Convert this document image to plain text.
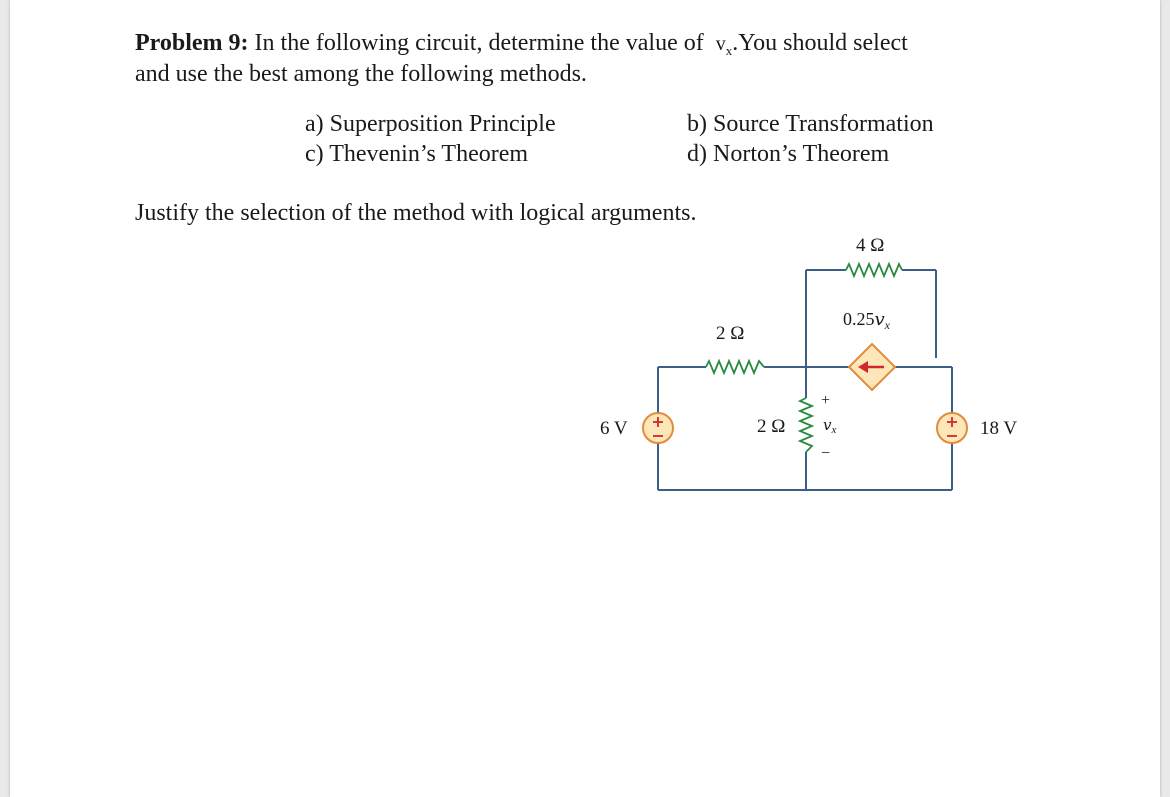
Problem 9: In the following circuit, determine the value of $v_x.You$ should select
and use the best among the following methods.
a) Superposition Principle	b) Source Transformation
c) Thevenin’s Theorem	d) Norton’s Theorem
Justify the selection of the method with logical arguments.
4 Ω
2 Ω
2 Ω
+
𝑣$_x$
−
0.25𝑣$_x$
6 V	18 V
